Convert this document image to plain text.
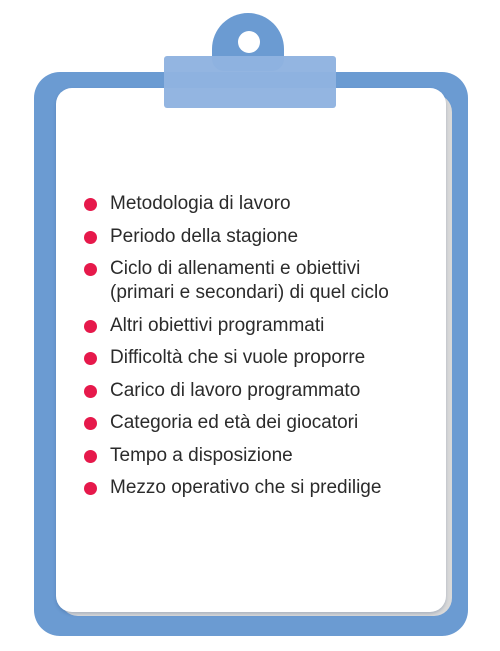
Metodologia di lavoro
Periodo della stagione
Ciclo di allenamenti e obiettivi
(primari e secondari) di quel ciclo
Altri obiettivi programmati
Difficoltà che si vuole proporre
Carico di lavoro programmato
Categoria ed età dei giocatori
Tempo a disposizione
Mezzo operativo che si predilige
